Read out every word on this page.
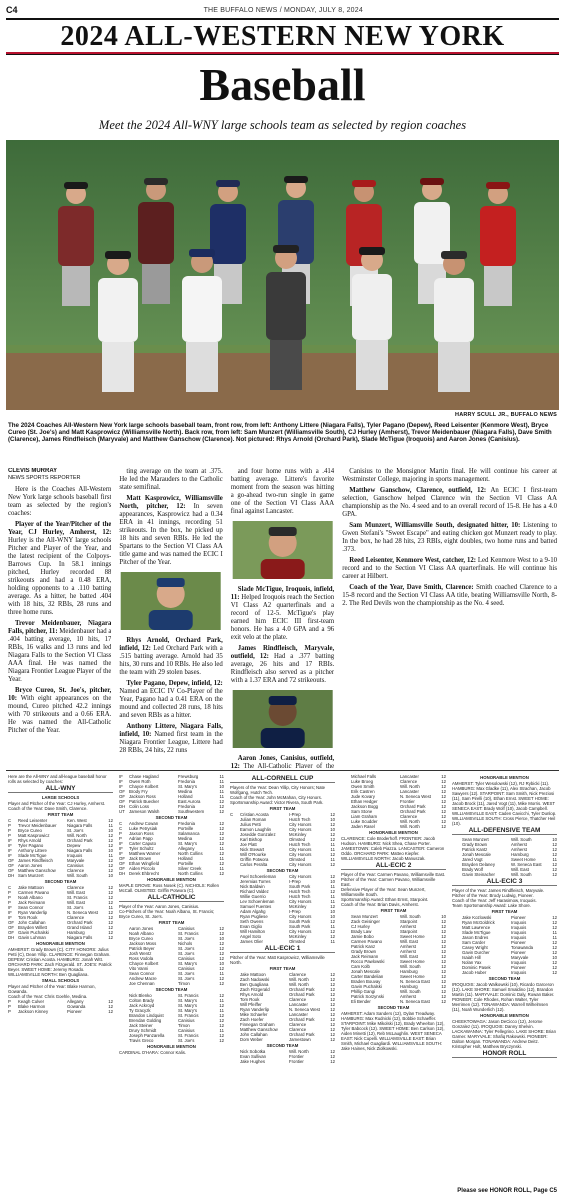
C4	THE BUFFALO NEWS / MONDAY, JULY 8, 2024
2024 ALL-WESTERN NEW YORK
Baseball
Meet the 2024 All-WNY large schools team as selected by region coaches
HARRY SCULL JR., BUFFALO NEWS
The 2024 Coaches All-Western New York large schools baseball team, front row, from left: Anthony Littere (Niagara Falls), Tyler Pagano (Depew), Reed Leisenter (Kenmore West), Bryce Cureo (St. Joe's) and Matt Kasprowicz (Williamsville North). Back row, from left: Sam Munzert (Williamsville South), CJ Hurley (Amherst), Trevor Meidenbauer (Niagara Falls), Dave Smith (Clarence), James Rindfleisch (Maryvale) and Matthew Ganschow (Clarence). Not pictured: Rhys Arnold (Orchard Park), Slade McTigue (Iroquois) and Aaron Jones (Canisius).
CLEVIS MURRAY
NEWS SPORTS REPORTER

Here is the Coaches All-Western New York large schools baseball first team as selected by the region's coaches:

Player of the Year/Pitcher of the Year, CJ Hurley, Amherst, 12: Hurley is the All-WNY large schools Pitcher and Player of the Year, and the latest recipient of the Colpoys-Barrows Cup. In 58.1 innings pitched, Hurley recorded 88 strikeouts and had a 0.48 ERA, holding opponents to a .110 batting average. As a hitter, he batted .404 with 18 hits, 32 RBIs, 28 runs and three home runs.

Trevor Meidenbauer, Niagara Falls, pitcher, 11: Meidenbauer had a .404 batting average, 10 hits, 17 RBIs, 16 walks and 13 runs and led Niagara Falls to the Section VI Class AAA final. He was named the Niagara Frontier League Player of the Year.

Bryce Cureo, St. Joe's, pitcher, 10: With eight appearances on the mound, Cureo pitched 42.2 innings with 70 strikeouts and a 0.66 ERA. He was named the All-Catholic Pitcher of the Year.

ting average on the team at .375. He led the Marauders to the Catholic state semifinal.

Matt Kasprowicz, Williamsville North, pitcher, 12: In seven appearances, Kasprowicz had a 0.34 ERA in 41 innings, recording 51 strikeouts. In the box, he picked up 18 hits and seven RBIs. He led the Spartans to the Section VI Class AA title game and was named the ECIC I Pitcher of the Year.

Rhys Arnold, Orchard Park, infield, 12: Led Orchard Park with a .515 batting average. Arnold had 35 hits, 30 runs and 10 RBIs. He also led the team with 29 stolen bases.

Tyler Pagano, Depew, infield, 12: Named an ECIC IV Co-Player of the Year, Pagano had a 0.41 ERA on the mound and collected 28 runs, 18 hits and seven RBIs as a hitter.

Anthony Littere, Niagara Falls, infield, 10: Named first team in the Niagara Frontier League, Littere had 28 RBIs, 24 hits, 22 runs

and four home runs with a .414 batting average. Littere's favorite moment from the season was hitting a go-ahead two-run single in game one of the Section VI Class AAA final against Lancaster.

Slade McTigue, Iroquois, infield, 11: Helped Iroquois reach the Section VI Class A2 quarterfinals and a record of 12-5. McTigue's play earned him ECIC III first-team honors. He has a 4.0 GPA and a 96 exit velo at the plate.

James Rindfleisch, Maryvale, outfield, 12: Had a .377 batting average, 26 hits and 17 RBIs. Rindfleisch also served as a pitcher with a 1.37 ERA and 72 strikeouts.

Aaron Jones, Canisius, outfield, 12: The All-Catholic Player of the

Canisius to the Monsignor Martin final. He will continue his career at Westminster College, majoring in sports management.

Matthew Ganschow, Clarence, outfield, 12: An ECIC I first-team selection, Ganschow helped Clarence win the Section VI Class AA championship as the No. 4 seed and to an overall record of 15-8. He has a 4.0 GPA.

Sam Munzert, Williamsville South, designated hitter, 10: Listening to Gwen Stefani's "Sweet Escape" and eating chicken got Munzert ready to play. In the box, he had 28 hits, 23 RBIs, eight doubles, two home runs and batted .373.

Reed Leisenter, Kenmore West, catcher, 12: Led Kenmore West to a 9-10 record and to the Section VI Class AA quarterfinals. He will continue his career at Hilbert.

Coach of the Year, Dave Smith, Clarence: Smith coached Clarence to a 15-8 record and the Section VI Class AA title, beating Williamsville North, 8-2. The Red Devils won the championship as the No. 4 seed.

Here are the All-WNY and all-league baseball honor rolls as selected by coaches:
ALL-WNY
LARGE SCHOOLS
Player and Pitcher of the Year: CJ Hurley, Amherst.
Coach of the Year: Dave Smith, Clarence.
FIRST TEAM
C	Reed Leisenter	Ken. West	12
P	Trevor Meidenbauer	Niagara Falls	11
P	Bryce Cureo	St. Joe's	10
P	Matt Kasprowicz	Will. North	12
IF	Rhys Arnold	Orchard Park	12
IF	Tyler Pagano	Depew	12
IF	Anthony Littere	Niagara Falls	10
IF	Slade McTigue	Iroquois	11
OF James Rindfleisch	Maryvale	12
OF Aaron Jones	Canisius	12
OF Matthew Ganschow	Clarence	12
DH Sam Munzert	Will. South	10
SECOND TEAM
C	Jake Mattoon	Clarence	12
P	Carmen Pavano	Will. East	12
P	Noah Albano	St. Francis	12
P	Jack Reimann	Will. East	12
IF	Sean Connor	St. Joe's	11
IF	Ryan Vanderlip	N. Seneca West	12
IF	Tom Rook	Clarence	12
OF John Callahan	Orchard Park	12
OF Brayden Willett	Grand Island	12
OF Gavin Puchalski	Hamburg	12
DH Gavin Luhman	Niagara Falls	12
HONORABLE MENTION
AMHERST: Grady Brown (C). CITY HONORS: Julius Petti (C), Dean Yillip. CLARENCE: Finnegan Graham. DEPEW: Cristian Acosta. HAMBURG: Jonah Witt. ORCHARD PARK: Zach Fitzgerald. ST. JOE'S: Patrick Beyer. SWEET HOME: Jeremy Rosado. WILLIAMSVILLE NORTH: Ben Quagliana.
SMALL SCHOOLS
Player and Pitcher of the Year: Blake Harmon, Gowanda.
Coach of the Year: Chris Goehle, Medina.
P	Keagh Culver	Allegany	12
P	Blake Harmon	Gowanda	12
P	Jackson Kinney	Pioneer	12
IF	Chase Hagland	Frewsburg	11
IF	Owen Roth	Fredonia	11
IF	Chayce Kolbert	St. Mary's	10
OF Brody Fry	Medina	11
OF Jackson Ross	Holland	11
OF Patrick Buecker	East Aurora	12
DH Colin Loss	Fredonia	12
UT Jameson Walsh	Southwestern	12
SECOND TEAM
C	Andrew Cowan	Fredonia	12
C	Luke Petrysiak	Portville	12
P	Jaxson Ross	Salamanca	12
P	Adrian Papp	Medina	12
IF	Carter Caputo	St. Mary's	12
IF	Tyler Schultz	Allegany	11
IF	Matthew Warner	North Collins	12
OF Jack Brown	Holland	11
OF Ethan Wingfield	Portville	12
OF Aiden Piccolo	Silver Creek	11
DH Derek Ehbrecht	North Collins	12
HONORABLE MENTION
MAPLE GROVE: Ross Nosek (C). NICHOLS: Rollen McCall. OLMSTED: Griffin Potwora (C).
ALL-CATHOLIC
Player of the Year: Aaron Jones, Canisius.
Co-Pitchers of the Year: Noah Albano, St. Francis; Bryce Cureo, St. Joe's.
FIRST TEAM
Aaron Jones	Canisius	12
Noah Albano	St. Francis	12
Bryce Cureo	St. Joe's	10
Jackson Moss	Nichols	12
Patrick Beyer	St. Joe's	12
Josh Wentz	St. Joe's	12
Ross Vodola	Canisius	12
Chayce Kolbert	St. Mary's	10
Vito Vanni	Canisius	12
Sean Connor	St. Joe's	11
Andrew Macre	St. Joe's	12
Joe Chennan	Timon	12
SECOND TEAM
Nick Blenko	St. Francis	12
Colton Brady	St. Mary's	11
Jack Ackroyd	St. Mary's	12
Ty Gracyzk	St. Mary's	11
Brandon Lindquist	St. Francis	12
Brendan Golding	Canisius	12
Jack Steiner	Timon	12
Drury Schmidt	Canisius	11
Joseph Panzarella	St. Francis	12
Travis Greco	St. Joe's	12
HONORABLE MENTION
CARDINAL O'HARA: Connor Kalis.
ALL-CORNELL CUP
Players of the Year: Dean Yillip, City Honors; Nate Wolfgang, Hutch Tech.
Coach of the Year: John McMahan, City Honors.
Sportsmanship Award: Victor Rivera, South Park.
FIRST TEAM
C	Cristian Acosta	I-Prep	12
Julian Roman	Hutch Tech	10
Julius Petti	City Honors	12
Eamon Laughlin	City Honors	10
Josedde Gonzalez	McKinley	12
Karl Bishop	Olmsted	12
Joe Platt	Hutch Tech	11
Nick Stewart	City Honors	11
Will O'Rourke	City Honors	12
Griffin Potwora	Olmsted	11
Carlos Peralta	City Honors	12
SECOND TEAM
Puel Schoenleman	City Honors	12
Jeremias Torres	I-Prep	10
Nick Baldwin	South Park	11
Richard Valdez	Hutch Tech	12
Willie Guerrio	Hutch Tech	11
Lev Schoenleman	City Honors	11
Samuel Fuentes	McKinley	12
Adam Algahg	I-Prep	10
Ryan Pugliese	City Honors	10
Seth Owens	South Park	12
Evan Giglio	South Park	11
Will Hamilton	City Honors	12
Angel Soto	McKinley	12
James Olier	Olmsted	11
ALL-ECIC 1
Pitcher of the Year: Matt Kasprowicz, Williamsville North.
FIRST TEAM
Jake Mattoon	Clarence	12
Zach Nadowski	Will. North	12
Ben Quagliana	Will. North	12
Zach Fitzgerald	Orchard Park	12
Rhys Arnold	Orchard Park	12
Tom Rook	Clarence	12
Will Pfeiffer	Lancaster	12
Ryan Vanderlip	N. Seneca West	12
Mike Schaefer	Lancaster	12
Zach Hoefer	Orchard Park	12
Finnegan Graham	Clarence	12
Matthew Ganschow	Clarence	12
John Callahan	Orchard Park	12
Dom Weber	Jamestown	12
SECOND TEAM
Nick Sobotka	Will. North	12
Evan Sullivan	Frontier	12
Jake Hughes	Frontier	12
Michael Falls	Lancaster	12
Luke Broeg	Clarence	12
Owen Smith	Will. North	12
Erik Castren	Lancaster	12
Jude Kovary	N. Seneca West	12
Ethan Hedger	Frontier	12
Jackson Bogg	Orchard Park	12
Sam Stone	Orchard Park	12
Liam Graham	Clarence	12
Luke Scudder	Will. North	12
Jaden Rasel	Will. North	12
HONORABLE MENTION
CLARENCE: Cole Broderhoff. FRONTIER: Jacob Hudson. HAMBURG: Nick Shea, Chase Porter. JAMESTOWN: Caleb Piazza. LANCASTER: Cameron Oddo. ORCHARD PARK: Matteo Kiepfer. WILLIAMSVILLE NORTH: Jacob Manuszak.
ALL-ECIC 2
Player of the Year: Carmen Pavano, Williamsville East.
Pitcher of the Year: Carmen Pavano, Williamsville East.
Defensive Player of the Year: Sean Munzert, Williamsville South.
Sportsmanship Award: Ethan Ernst, Starpoint.
Coach of the Year: Brian Davis, Amherst.
FIRST TEAM
Sean Munzert	Will. South	10
Zack Geisinger	Starpoint	12
CJ Hurley	Amherst	12
Brady Law	Starpoint	12
Jamie Bobo	Sweet Home	12
Carmen Pavano	Will. East	12
Patrick Kanz	Amherst	12
Grady Brown	Amherst	12
Jack Reimann	Will. East	12
Rocco Pawlowski	Sweet Home	12
Cam Kolb	Will. South	12
Jonah Mescale	Hamburg	12
Carter Bandelian	Sweet Home	12
Braden Bouvay	N. Seneca East	12
Gavin Puchalski	Hamburg	12
Phillip Gangi	Will. South	12
Patrick Sorzynski	Amherst	12
Eli Bender	N. Seneca East	12
SECOND TEAM
AMHERST: Adam Sanders (12), Dylan Treadway. HAMBURG: Max Rudnicki (12), Bobbie Schaeffer. STARPOINT: Mike Mikolski (12), Brady Wheelton (12), Tyler Babcock (12). SWEET HOME: Ben Carlson (12), Aiden Minetti (12), Reb McLaughlin. WEST SENECA EAST: Nick Cupelli. WILLIAMSVILLE EAST: Brian Smith, Michael Guagliardi. WILLIAMSVILLE SOUTH: Jake Haines, Nick Ziolkowski.
HONORABLE MENTION
AMHERST: Tyler Wesolowski (12), RJ Rybicki (11). HAMBURG: Max Gladke (11), Alex Strachan, Jacob Sawyers (12). STARPOINT: Sam Smith, Nick Preziosi (11), Sam Pirelli (10), Ethan Ernst. SWEET HOME: Jacob Brock (11), Jared Vogt (11), Mike Morris. WEST SENECA EAST: Brady Wolf (10), Jacob Campbell. WILLIAMSVILLE EAST: Caden Cavicchi, Tyler Dunlop. WILLIAMSVILLE SOUTH: Cross Pierce, Thatcher Heil (10).
ALL-DEFENSIVE TEAM
Sean Munzert	Will. South	10
Grady Brown	Amherst	12
Patrick Kantz	Amherst	12
Jonah Mescale	Hamburg	12
Jared Vogt	Sweet Home	11
Brayden Delaney	W. Seneca East	12
Brady Wolf	Will. East	12
Gavin Steinacher	Will. South	12
ALL-ECIC 3
Player of the Year: James Rindfleisch, Maryvale.
Pitcher of the Year: Brody Ludwig, Pioneer.
Coach of the Year: Jeff Harasimow, Iroquois.
Team Sportsmanship Award: Lake Shore.
FIRST TEAM
Jake Kozlowski	Pioneer	12
Ryan McGoldrick	Iroquois	12
Matt Lawrence	Iroquois	12
Slade McTigue	Iroquois	11
Jason Endres	Iroquois	11
Sam Carder	Pioneer	12
Casey Wright	Tonawanda	12
Gavin Durcher	Pioneer	12
Isaiah Hill	Maryvale	10
Nolan Yax	Iroquois	12
Dominic Pasek	Pioneer	12
Jacob Huber	Iroquois	12
SECOND TEAM
IROQUOIS: Jacob Walkowski (10), Ricardo Garceron (12). LAKE SHORE: Samuel Smaldino (12), Brandon Martin (11). MARYVALE: Dominic Daly, Rowan Baker. PIONEER: Cole Rhodes, Rohan Walter, Tyler Merrimen (12). TONAWANDA: Warrell Wilhelmsen (11), Noah Wunderlich (12).
HONORABLE MENTION
CHEEKTOWAGA: Jason DeCicco (12), Jerome Gonzalez (11). IROQUOIS: Danny Shelvin. LACKAWANNA: Tyler Pellegrino. LAKE SHORE: Brian Garner. MARYVALE: Shafiq Rakowski. PIONEER: Dalton Morgan. TONAWANDA: Andrew Deitz. Kristopher Holt, Matthew Bryczynski.
HONOR ROLL
Please see HONOR ROLL, Page C5
